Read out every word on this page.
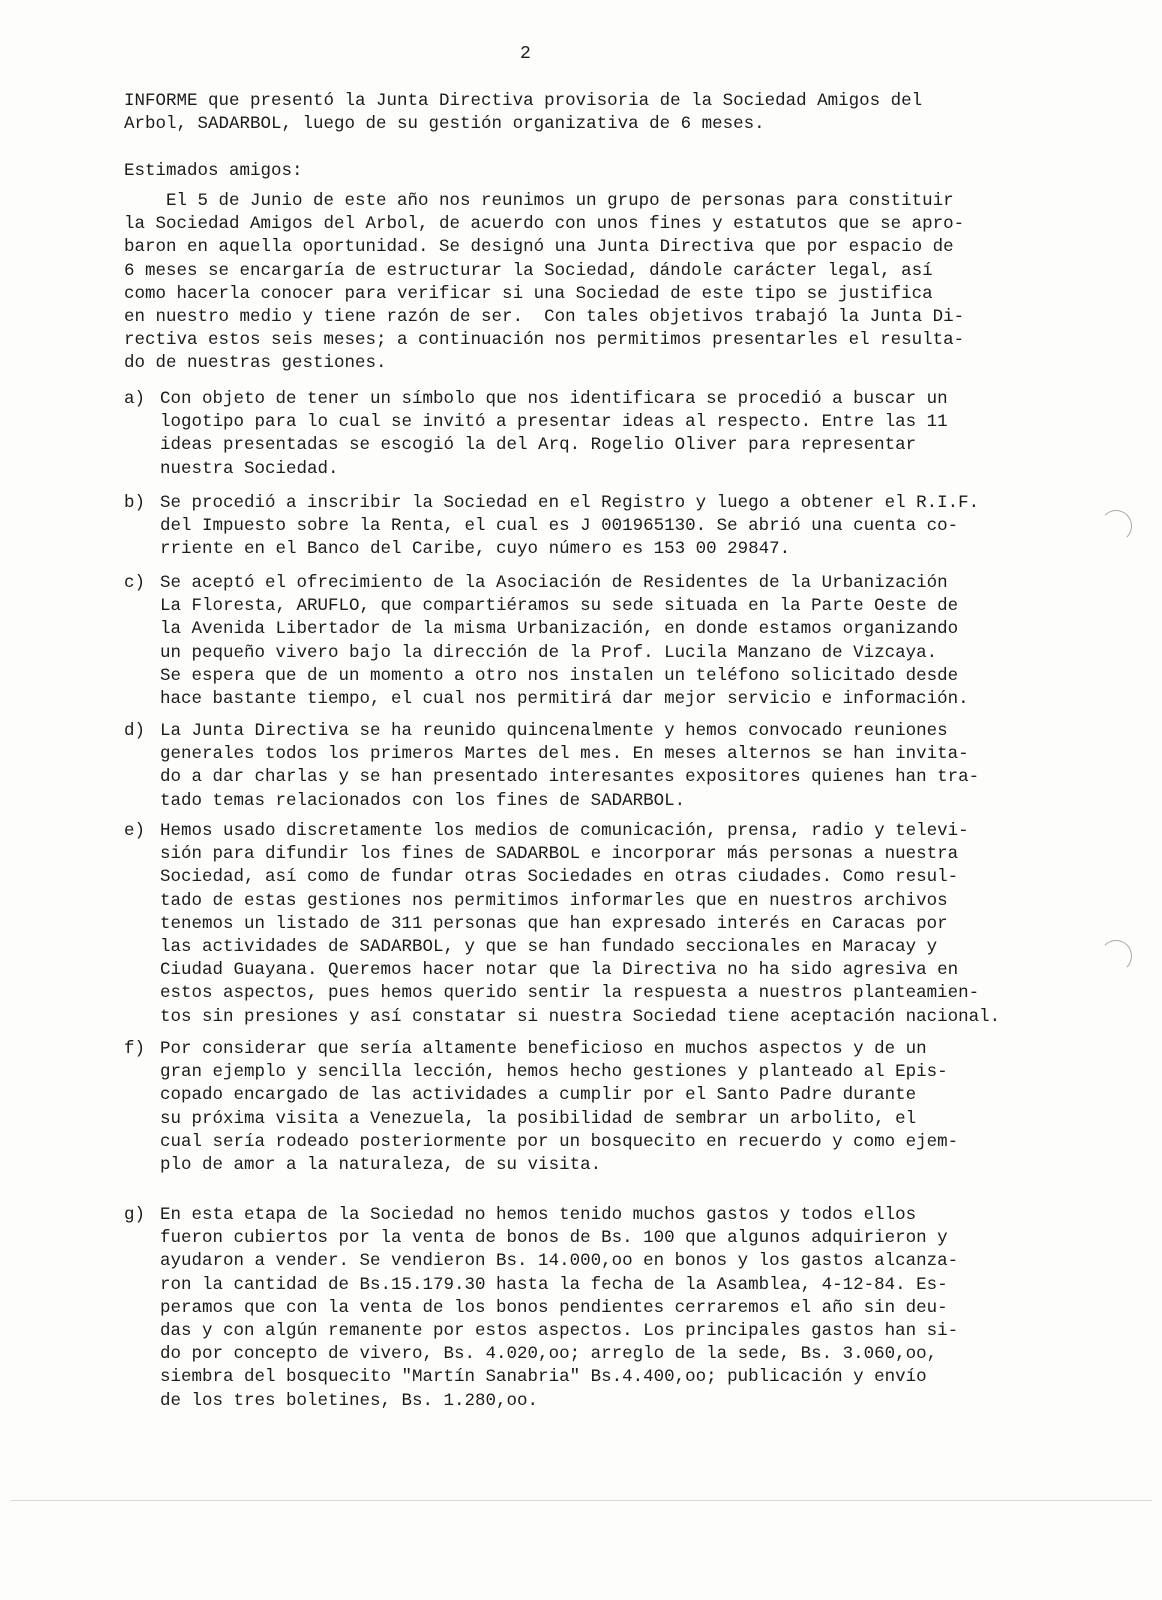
2
INFORME que presentó la Junta Directiva provisoria de la Sociedad Amigos del
Arbol, SADARBOL, luego de su gestión organizativa de 6 meses.
Estimados amigos:
El 5 de Junio de este año nos reunimos un grupo de personas para constituir
la Sociedad Amigos del Arbol, de acuerdo con unos fines y estatutos que se apro-
baron en aquella oportunidad. Se designó una Junta Directiva que por espacio de
6 meses se encargaría de estructurar la Sociedad, dándole carácter legal, así
como hacerla conocer para verificar si una Sociedad de este tipo se justifica
en nuestro medio y tiene razón de ser.  Con tales objetivos trabajó la Junta Di-
rectiva estos seis meses; a continuación nos permitimos presentarles el resulta-
do de nuestras gestiones.
a) Con objeto de tener un símbolo que nos identificara se procedió a buscar un
logotipo para lo cual se invitó a presentar ideas al respecto. Entre las 11
ideas presentadas se escogió la del Arq. Rogelio Oliver para representar
nuestra Sociedad.
b) Se procedió a inscribir la Sociedad en el Registro y luego a obtener el R.I.F.
del Impuesto sobre la Renta, el cual es J 001965130. Se abrió una cuenta co-
rriente en el Banco del Caribe, cuyo número es 153 00 29847.
c) Se aceptó el ofrecimiento de la Asociación de Residentes de la Urbanización
La Floresta, ARUFLO, que compartiéramos su sede situada en la Parte Oeste de
la Avenida Libertador de la misma Urbanización, en donde estamos organizando
un pequeño vivero bajo la dirección de la Prof. Lucila Manzano de Vizcaya.
Se espera que de un momento a otro nos instalen un teléfono solicitado desde
hace bastante tiempo, el cual nos permitirá dar mejor servicio e información.
d) La Junta Directiva se ha reunido quincenalmente y hemos convocado reuniones
generales todos los primeros Martes del mes. En meses alternos se han invita-
do a dar charlas y se han presentado interesantes expositores quienes han tra-
tado temas relacionados con los fines de SADARBOL.
e) Hemos usado discretamente los medios de comunicación, prensa, radio y televi-
sión para difundir los fines de SADARBOL e incorporar más personas a nuestra
Sociedad, así como de fundar otras Sociedades en otras ciudades. Como resul-
tado de estas gestiones nos permitimos informarles que en nuestros archivos
tenemos un listado de 311 personas que han expresado interés en Caracas por
las actividades de SADARBOL, y que se han fundado seccionales en Maracay y
Ciudad Guayana. Queremos hacer notar que la Directiva no ha sido agresiva en
estos aspectos, pues hemos querido sentir la respuesta a nuestros planteamien-
tos sin presiones y así constatar si nuestra Sociedad tiene aceptación nacional.
f) Por considerar que sería altamente beneficioso en muchos aspectos y de un
gran ejemplo y sencilla lección, hemos hecho gestiones y planteado al Epis-
copado encargado de las actividades a cumplir por el Santo Padre durante
su próxima visita a Venezuela, la posibilidad de sembrar un arbolito, el
cual sería rodeado posteriormente por un bosquecito en recuerdo y como ejem-
plo de amor a la naturaleza, de su visita.
g) En esta etapa de la Sociedad no hemos tenido muchos gastos y todos ellos
fueron cubiertos por la venta de bonos de Bs. 100 que algunos adquirieron y
ayudaron a vender. Se vendieron Bs. 14.000,oo en bonos y los gastos alcanza-
ron la cantidad de Bs.15.179.30 hasta la fecha de la Asamblea, 4-12-84. Es-
peramos que con la venta de los bonos pendientes cerraremos el año sin deu-
das y con algún remanente por estos aspectos. Los principales gastos han si-
do por concepto de vivero, Bs. 4.020,oo; arreglo de la sede, Bs. 3.060,oo,
siembra del bosquecito "Martín Sanabria" Bs.4.400,oo; publicación y envío
de los tres boletines, Bs. 1.280,oo.
